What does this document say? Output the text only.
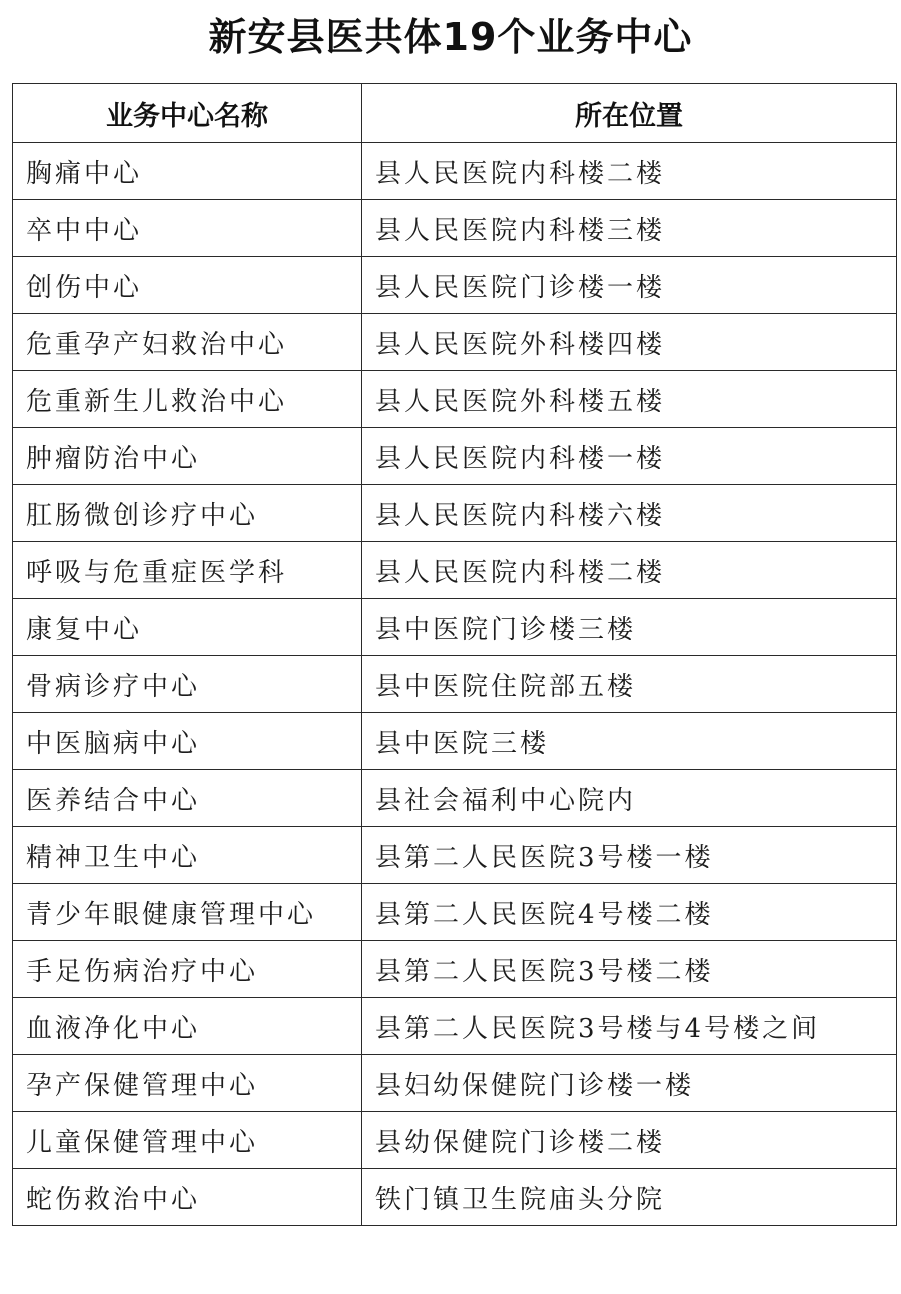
新安县医共体19个业务中心
业务中心名称	所在位置
胸痛中心	县人民医院内科楼二楼
卒中中心	县人民医院内科楼三楼
创伤中心	县人民医院门诊楼一楼
危重孕产妇救治中心	县人民医院外科楼四楼
危重新生儿救治中心	县人民医院外科楼五楼
肿瘤防治中心	县人民医院内科楼一楼
肛肠微创诊疗中心	县人民医院内科楼六楼
呼吸与危重症医学科	县人民医院内科楼二楼
康复中心	县中医院门诊楼三楼
骨病诊疗中心	县中医院住院部五楼
中医脑病中心	县中医院三楼
医养结合中心	县社会福利中心院内
精神卫生中心	县第二人民医院3号楼一楼
青少年眼健康管理中心	县第二人民医院4号楼二楼
手足伤病治疗中心	县第二人民医院3号楼二楼
血液净化中心	县第二人民医院3号楼与4号楼之间
孕产保健管理中心	县妇幼保健院门诊楼一楼
儿童保健管理中心	县幼保健院门诊楼二楼
蛇伤救治中心	铁门镇卫生院庙头分院
